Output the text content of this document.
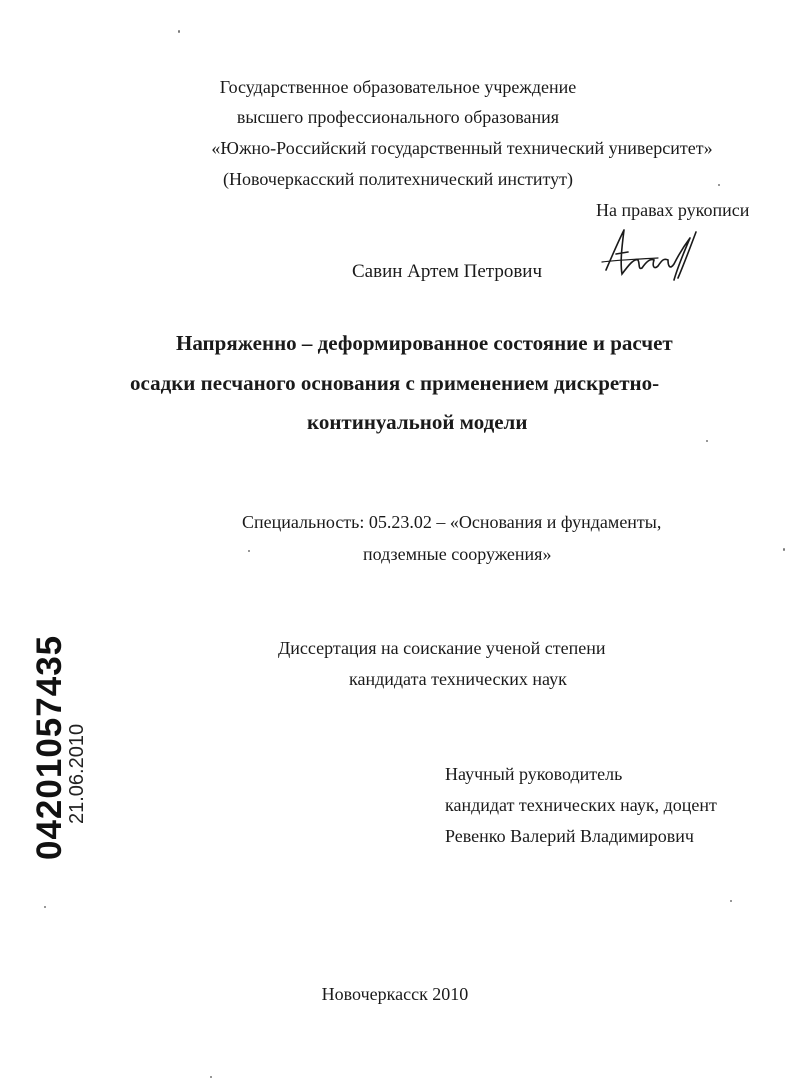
Государственное образовательное учреждение
высшего профессионального образования
«Южно-Российский государственный технический университет»
(Новочеркасский политехнический институт)
На правах рукописи
Савин Артем Петрович
Напряженно – деформированное состояние и расчет
осадки песчаного основания с применением дискретно-
континуальной модели
Специальность: 05.23.02 – «Основания и фундаменты,
подземные сооружения»
Диссертация на соискание ученой степени
кандидата технических наук
Научный руководитель
кандидат технических наук, доцент
Ревенко Валерий Владимирович
Новочеркасск 2010
04201057435
21.06.2010
